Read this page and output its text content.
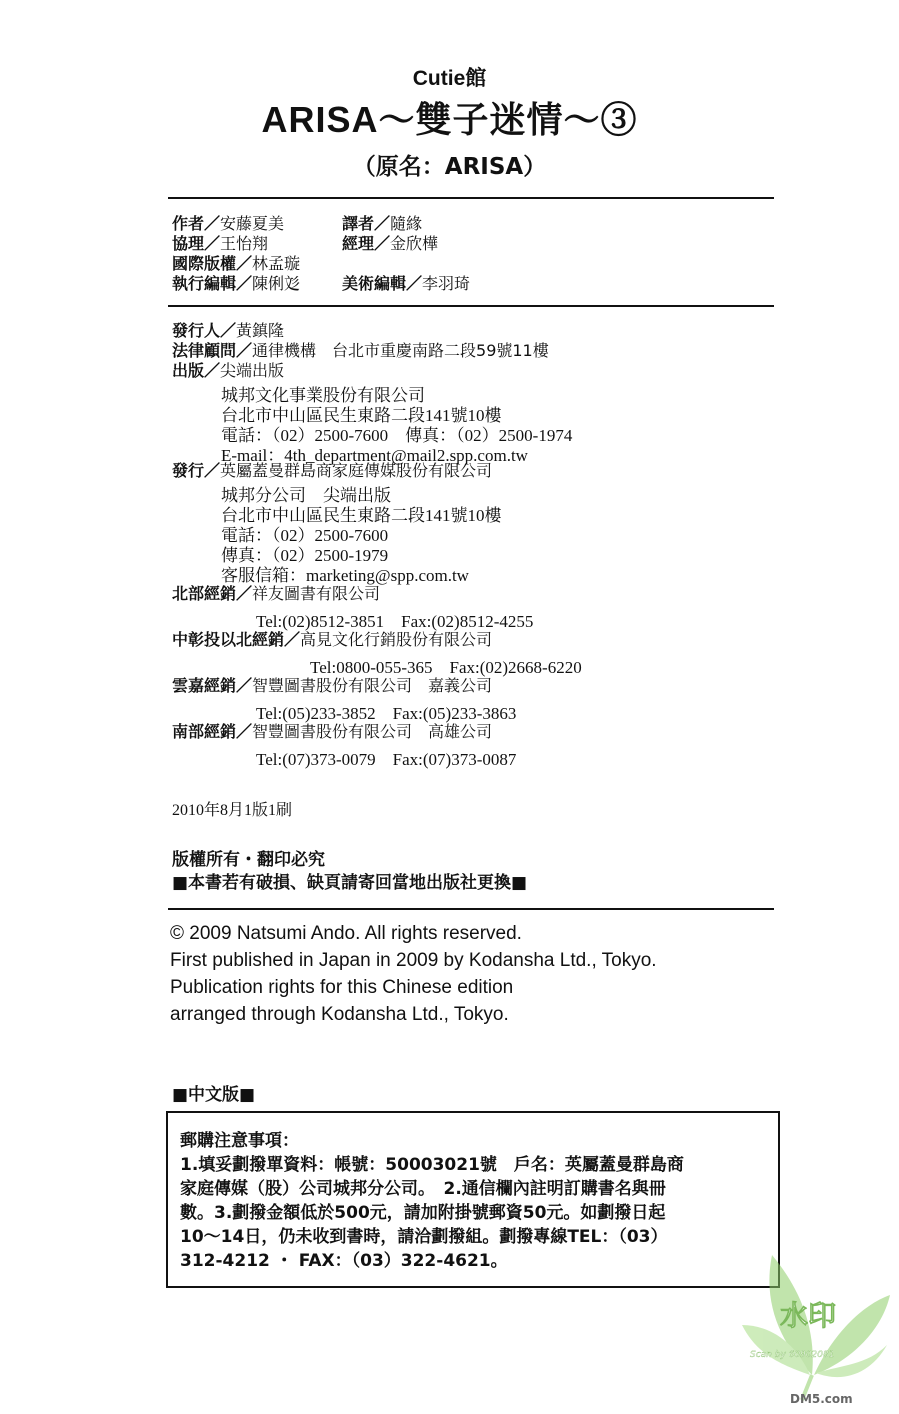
Cutie館
ARISA～雙子迷情～③
（原名：ARISA）
作者／安藤夏美	譯者／隨緣
協理／王怡翔	經理／金欣樺
國際版權／林孟璇
執行編輯／陳俐彣	美術編輯／李羽琦
發行人／黃鎮隆
法律顧問／通律機構　台北市重慶南路二段59號11樓
出版／尖端出版
城邦文化事業股份有限公司
台北市中山區民生東路二段141號10樓
電話：（02）2500-7600　傳真：（02）2500-1974
E-mail：4th_department@mail2.spp.com.tw
發行／英屬蓋曼群島商家庭傳媒股份有限公司
城邦分公司　尖端出版
台北市中山區民生東路二段141號10樓
電話：（02）2500-7600
傳真：（02）2500-1979
客服信箱：marketing@spp.com.tw
北部經銷／祥友圖書有限公司
Tel:(02)8512-3851　Fax:(02)8512-4255
中彰投以北經銷／高見文化行銷股份有限公司
Tel:0800-055-365　Fax:(02)2668-6220
雲嘉經銷／智豐圖書股份有限公司　嘉義公司
Tel:(05)233-3852　Fax:(05)233-3863
南部經銷／智豐圖書股份有限公司　高雄公司
Tel:(07)373-0079　Fax:(07)373-0087
2010年8月1版1刷
版權所有・翻印必究
■本書若有破損、缺頁請寄回當地出版社更換■
© 2009 Natsumi Ando. All rights reserved.
First published in Japan in 2009 by Kodansha Ltd., Tokyo.
Publication rights for this Chinese edition
arranged through Kodansha Ltd., Tokyo.
■中文版■
郵購注意事項：
1.填妥劃撥單資料：帳號：50003021號　戶名：英屬蓋曼群島商
家庭傳媒（股）公司城邦分公司。　2.通信欄內註明訂購書名與冊
數。3.劃撥金額低於500元，請加附掛號郵資50元。如劃撥日起
10～14日，仍未收到書時，請洽劃撥組。劃撥專線TEL：（03）
312-4212 ・ FAX：（03）322-4621。
水印
Scan by 60902081
DM5.com
